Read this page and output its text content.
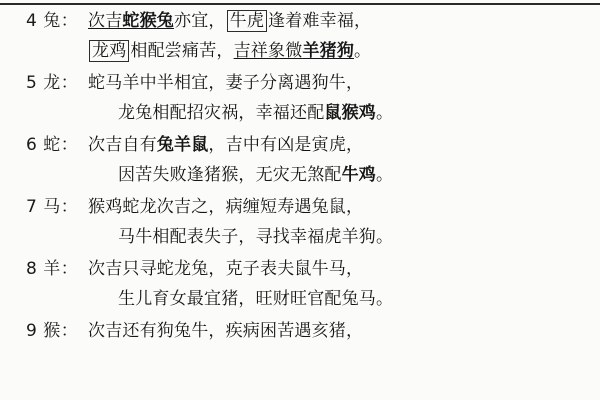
4 兔： 次吉蛇猴兔亦宜， 牛虎 逢着难幸福，
龙鸡 相配尝痛苦，吉祥象微羊猪狗。
5 龙： 蛇马羊中半相宜，妻子分离遇狗牛，
龙兔相配招灾祸，幸福还配鼠猴鸡。
6 蛇： 次吉自有兔羊鼠，吉中有凶是寅虎，
因苦失败逢猪猴，无灾无煞配牛鸡。
7 马： 猴鸡蛇龙次吉之，病缠短寿遇兔鼠，
马牛相配表失子，寻找幸福虎羊狗。
8 羊： 次吉只寻蛇龙兔，克子表夫鼠牛马，
生儿育女最宜猪，旺财旺官配兔马。
9 猴： 次吉还有狗兔牛，疾病困苦遇亥猪，
